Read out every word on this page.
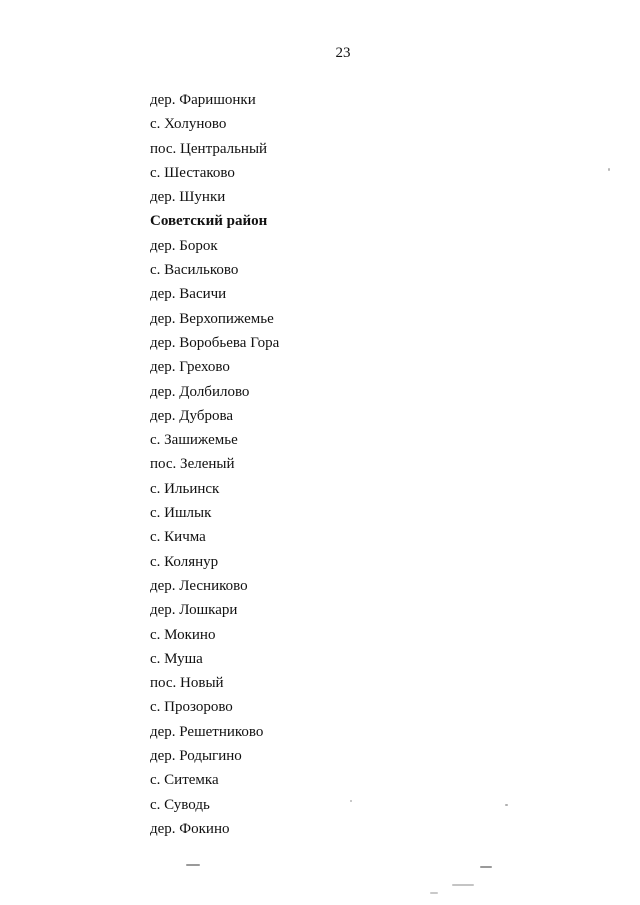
23
дер. Фаришонки
с. Холуново
пос. Центральный
с. Шестаково
дер. Шунки
Советский район
дер. Борок
с. Васильково
дер. Васичи
дер. Верхопижемье
дер. Воробьева Гора
дер. Грехово
дер. Долбилово
дер. Дуброва
с. Зашижемье
пос. Зеленый
с. Ильинск
с. Ишлык
с. Кичма
с. Колянур
дер. Лесниково
дер. Лошкари
с. Мокино
с. Муша
пос. Новый
с. Прозорово
дер. Решетниково
дер. Родыгино
с. Ситемка
с. Суводь
дер. Фокино
